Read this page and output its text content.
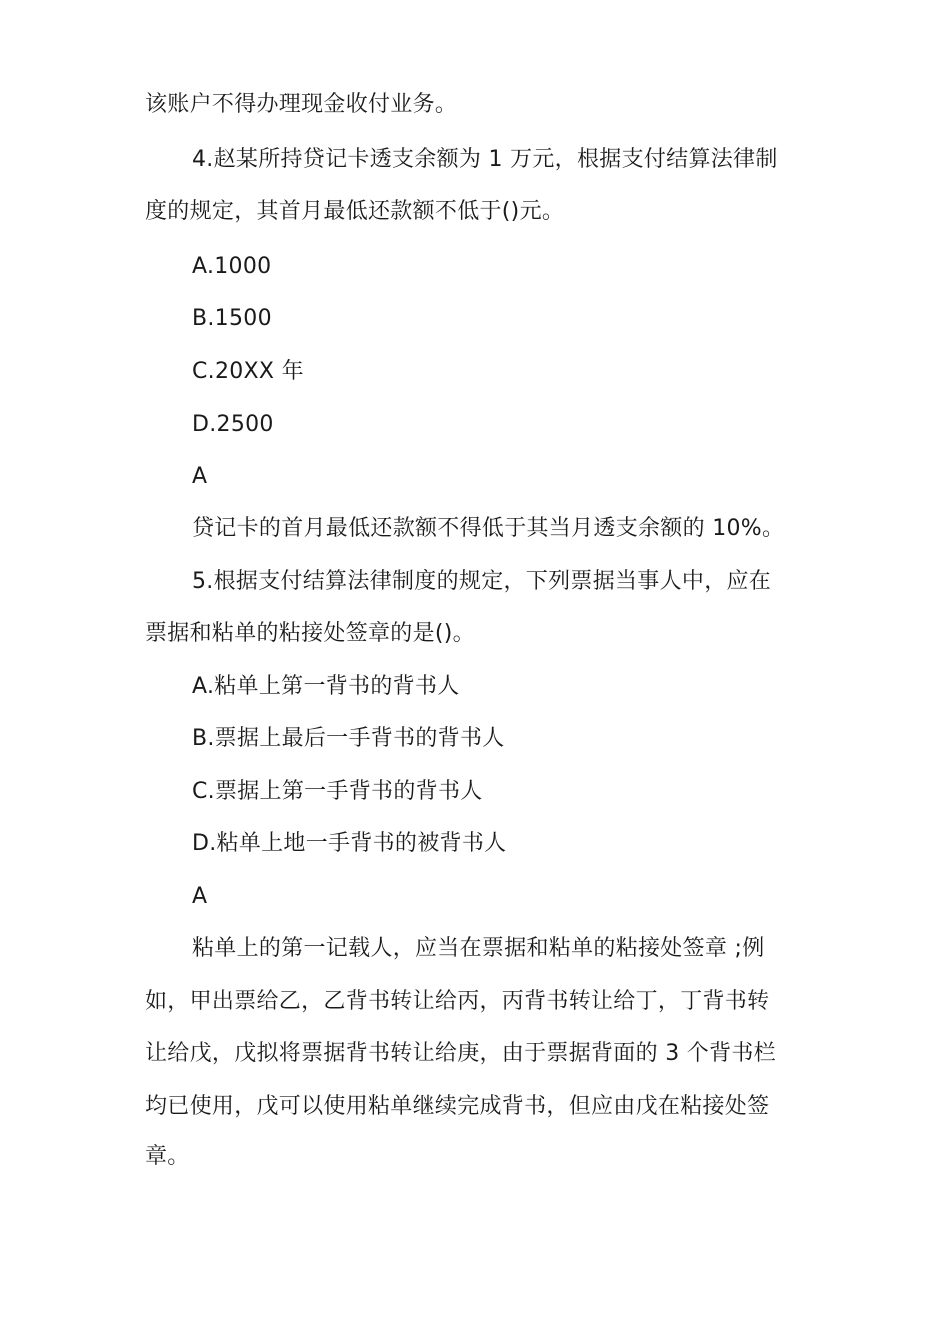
该账户不得办理现金收付业务。
4.赵某所持贷记卡透支余额为 1 万元，根据支付结算法律制
度的规定，其首月最低还款额不低于()元。
A.1000
B.1500
C.20XX 年
D.2500
A
贷记卡的首月最低还款额不得低于其当月透支余额的 10%。
5.根据支付结算法律制度的规定，下列票据当事人中，应在
票据和粘单的粘接处签章的是()。
A.粘单上第一背书的背书人
B.票据上最后一手背书的背书人
C.票据上第一手背书的背书人
D.粘单上地一手背书的被背书人
A
粘单上的第一记载人，应当在票据和粘单的粘接处签章 ;例
如，甲出票给乙，乙背书转让给丙，丙背书转让给丁，丁背书转
让给戊，戊拟将票据背书转让给庚，由于票据背面的 3 个背书栏
均已使用，戊可以使用粘单继续完成背书，但应由戊在粘接处签
章。
